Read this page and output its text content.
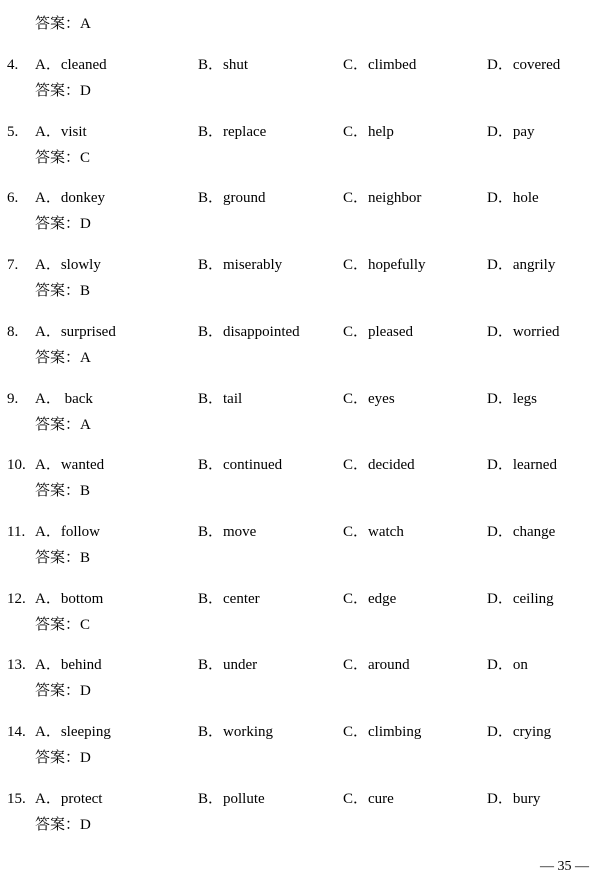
答案：A
4. A．cleaned	B．shut	C．climbed	D．covered
答案：D
5. A．visit	B．replace	C．help	D．pay
答案：C
6. A．donkey	B．ground	C．neighbor	D．hole
答案：D
7. A．slowly	B．miserably	C．hopefully	D．angrily
答案：B
8. A．surprised	B．disappointed	C．pleased	D．worried
答案：A
9. A． back	B．tail	C．eyes	D．legs
答案：A
10. A．wanted	B．continued	C．decided	D．learned
答案：B
11. A．follow	B．move	C．watch	D．change
答案：B
12. A．bottom	B．center	C．edge	D．ceiling
答案：C
13. A．behind	B．under	C．around	D．on
答案：D
14. A．sleeping	B．working	C．climbing	D．crying
答案：D
15. A．protect	B．pollute	C．cure	D．bury
答案：D
— 35 —
